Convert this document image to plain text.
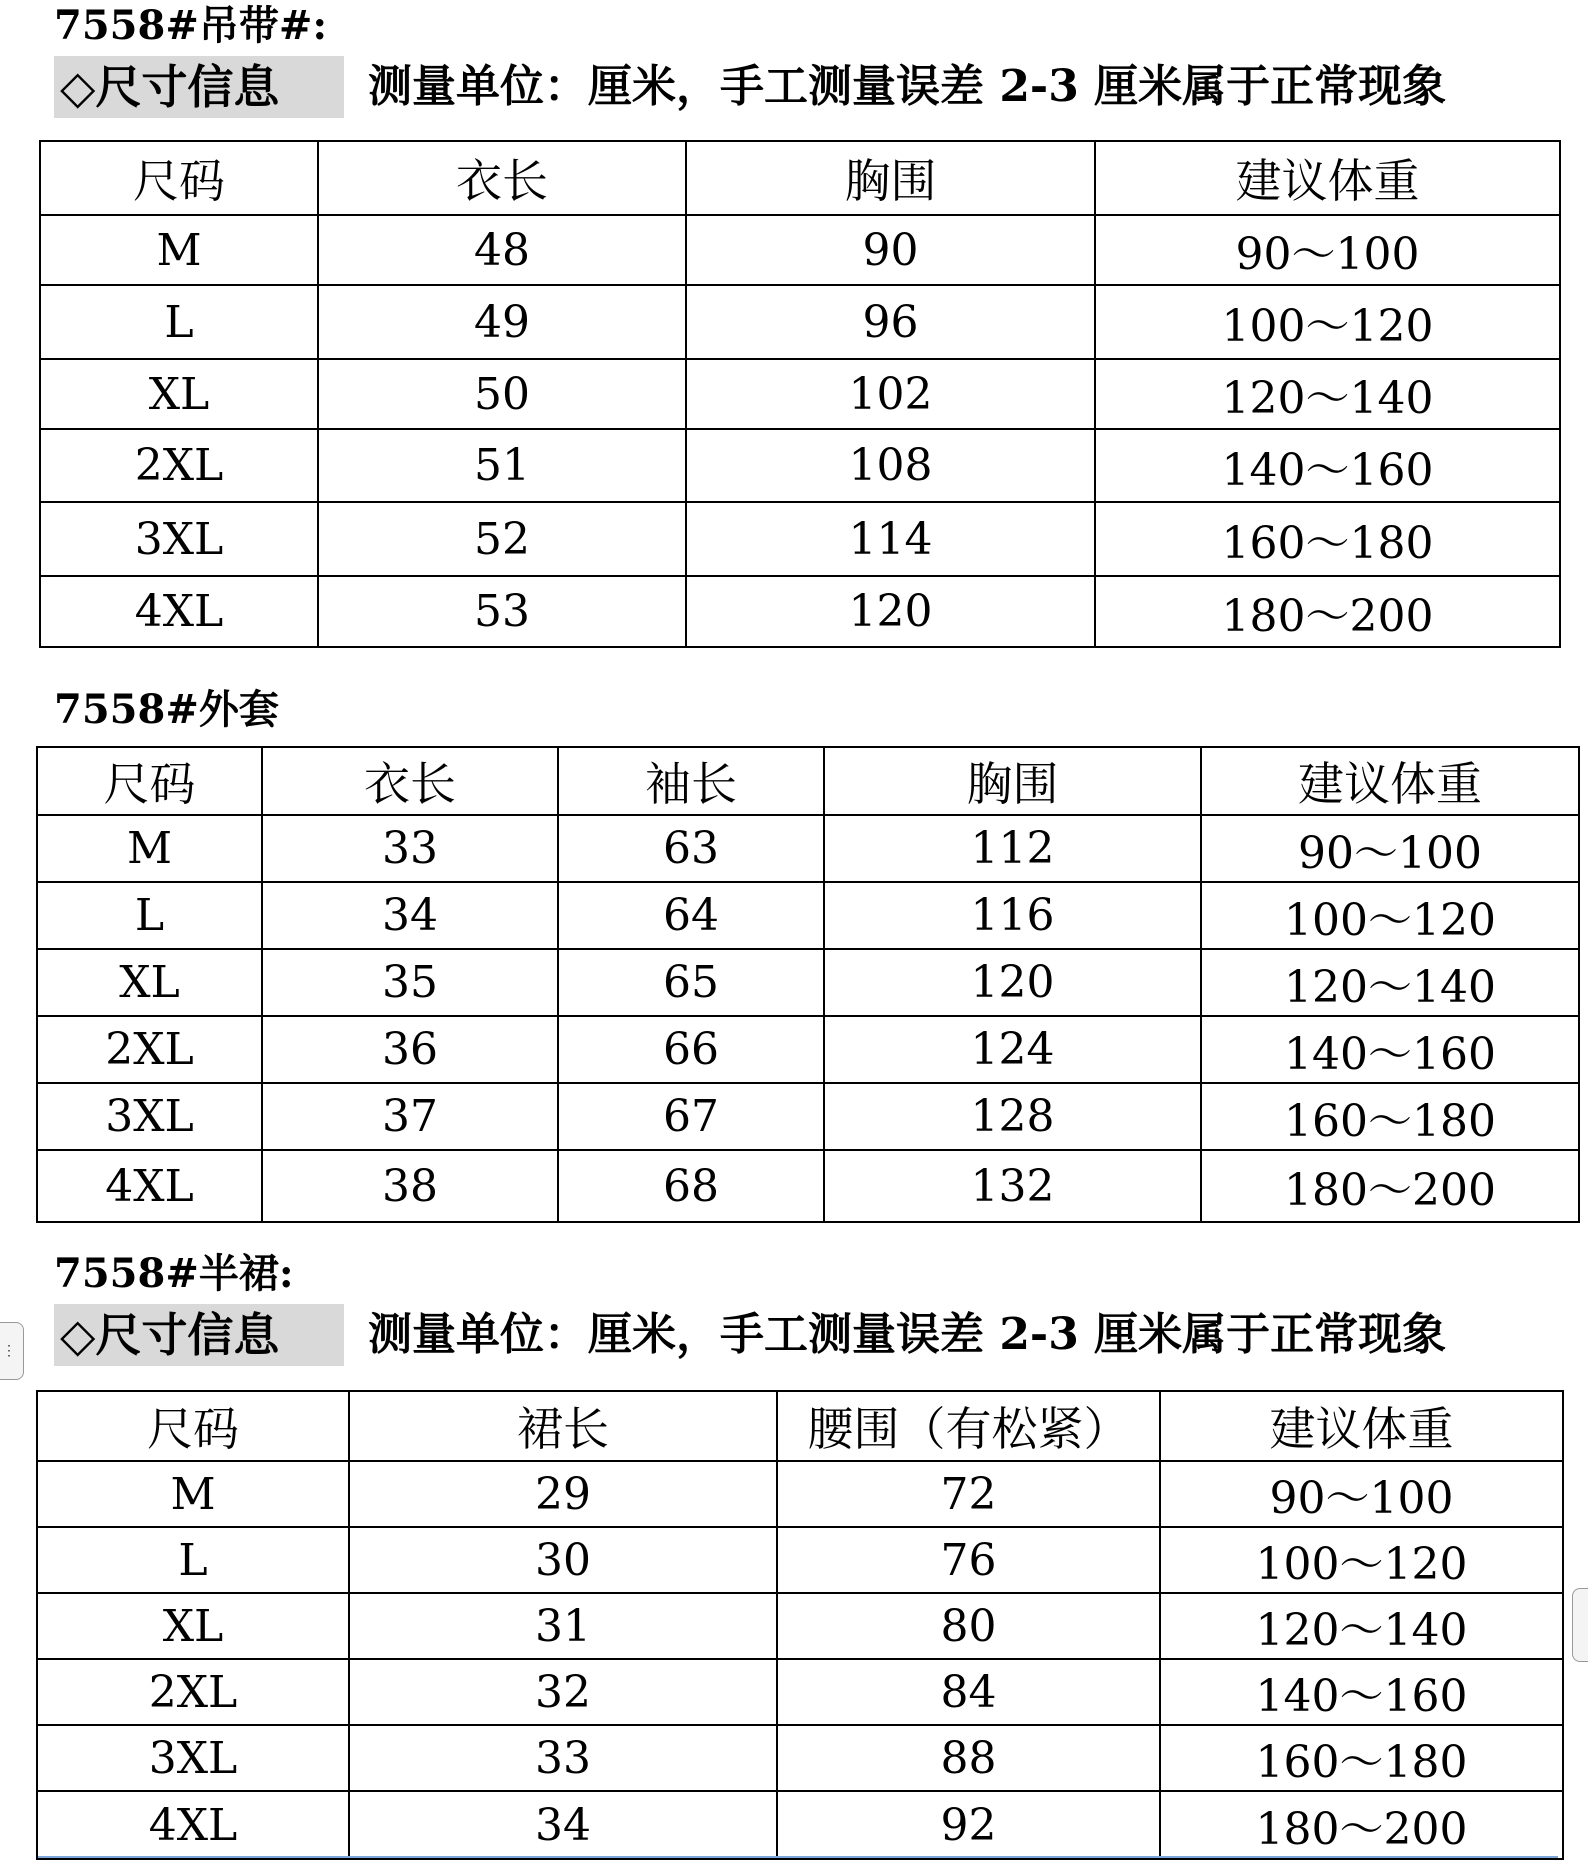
7558#吊带#:
◇尺寸信息	测量单位：厘米，手工测量误差 2-3 厘米属于正常现象
尺码	衣长	胸围	建议体重
M	48	90	90～100
L	49	96	100～120
XL	50	102	120～140
2XL	51	108	140～160
3XL	52	114	160～180
4XL	53	120	180～200
7558#外套
尺码	衣长	袖长	胸围	建议体重
M	33	63	112	90～100
L	34	64	116	100～120
XL	35	65	120	120～140
2XL	36	66	124	140～160
3XL	37	67	128	160～180
4XL	38	68	132	180～200
7558#半裙:
◇尺寸信息	测量单位：厘米，手工测量误差 2-3 厘米属于正常现象
尺码	裙长	腰围（有松紧）	建议体重
M	29	72	90～100
L	30	76	100～120
XL	31	80	120～140
2XL	32	84	140～160
3XL	33	88	160～180
4XL	34	92	180～200
⋮
